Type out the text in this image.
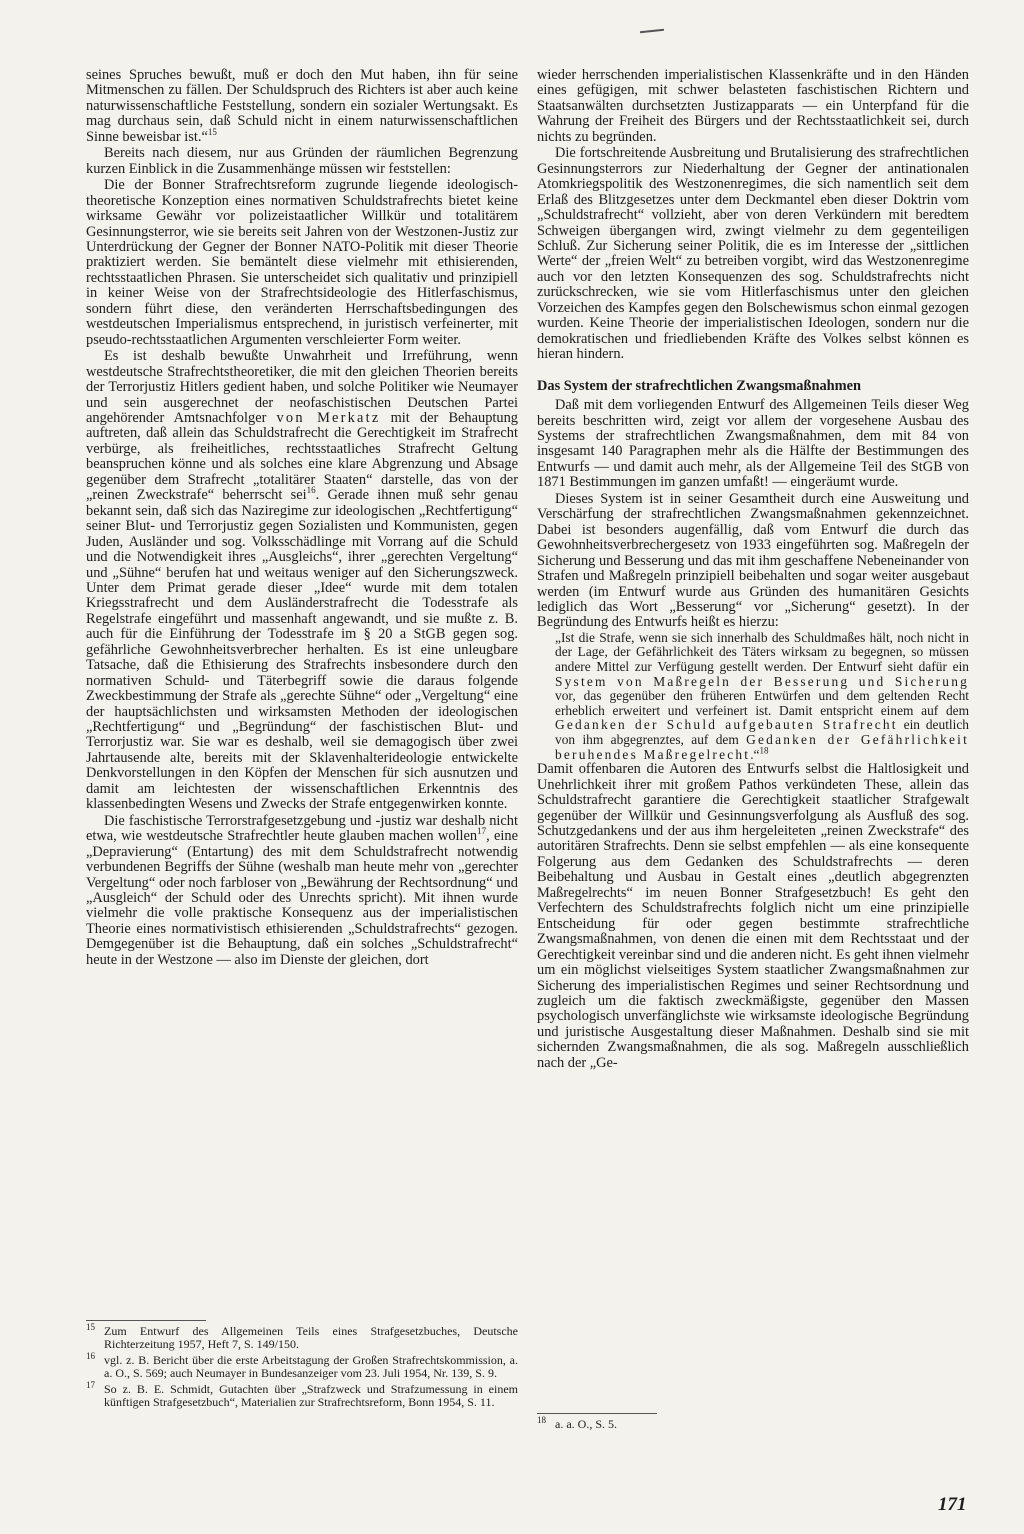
seines Spruches bewußt, muß er doch den Mut haben, ihn für seine Mitmenschen zu fällen. Der Schuldspruch des Richters ist aber auch keine naturwissenschaftliche Feststellung, sondern ein sozialer Wertungsakt. Es mag durchaus sein, daß Schuld nicht in einem naturwissenschaftlichen Sinne beweisbar ist.“$^{15}$

Bereits nach diesem, nur aus Gründen der räumlichen Begrenzung kurzen Einblick in die Zusammenhänge müssen wir feststellen:

Die der Bonner Strafrechtsreform zugrunde liegende ideologisch-theoretische Konzeption eines normativen Schuldstrafrechts bietet keine wirksame Gewähr vor polizeistaatlicher Willkür und totalitärem Gesinnungsterror, wie sie bereits seit Jahren von der Westzonen-Justiz zur Unterdrückung der Gegner der Bonner NATO-Politik mit dieser Theorie praktiziert werden. Sie bemäntelt diese vielmehr mit ethisierenden, rechtsstaatlichen Phrasen. Sie unterscheidet sich qualitativ und prinzipiell in keiner Weise von der Strafrechtsideologie des Hitlerfaschismus, sondern führt diese, den veränderten Herrschaftsbedingungen des westdeutschen Imperialismus entsprechend, in juristisch verfeinerter, mit pseudo-rechtsstaatlichen Argumenten verschleierter Form weiter.

Es ist deshalb bewußte Unwahrheit und Irreführung, wenn westdeutsche Strafrechtstheoretiker, die mit den gleichen Theorien bereits der Terrorjustiz Hitlers gedient haben, und solche Politiker wie Neumayer und sein ausgerechnet der neofaschistischen Deutschen Partei angehörender Amtsnachfolger von Merkatz mit der Behauptung auftreten, daß allein das Schuldstrafrecht die Gerechtigkeit im Strafrecht verbürge, als freiheitliches, rechtsstaatliches Strafrecht Geltung beanspruchen könne und als solches eine klare Abgrenzung und Absage gegenüber dem Strafrecht „totalitärer Staaten“ darstelle, das von der „reinen Zweckstrafe“ beherrscht sei$^{16}$. Gerade ihnen muß sehr genau bekannt sein, daß sich das Naziregime zur ideologischen „Rechtfertigung“ seiner Blut- und Terrorjustiz gegen Sozialisten und Kommunisten, gegen Juden, Ausländer und sog. Volksschädlinge mit Vorrang auf die Schuld und die Notwendigkeit ihres „Ausgleichs“, ihrer „gerechten Vergeltung“ und „Sühne“ berufen hat und weitaus weniger auf den Sicherungszweck. Unter dem Primat gerade dieser „Idee“ wurde mit dem totalen Kriegsstrafrecht und dem Ausländerstrafrecht die Todesstrafe als Regelstrafe eingeführt und massenhaft angewandt, und sie mußte z. B. auch für die Einführung der Todesstrafe im § 20 a StGB gegen sog. gefährliche Gewohnheitsverbrecher herhalten. Es ist eine unleugbare Tatsache, daß die Ethisierung des Strafrechts insbesondere durch den normativen Schuld- und Täterbegriff sowie die daraus folgende Zweckbestimmung der Strafe als „gerechte Sühne“ oder „Vergeltung“ eine der hauptsächlichsten und wirksamsten Methoden der ideologischen „Rechtfertigung“ und „Begründung“ der faschistischen Blut- und Terrorjustiz war. Sie war es deshalb, weil sie demagogisch über zwei Jahrtausende alte, bereits mit der Sklavenhalterideologie entwickelte Denkvorstellungen in den Köpfen der Menschen für sich ausnutzen und damit am leichtesten der wissenschaftlichen Erkenntnis des klassenbedingten Wesens und Zwecks der Strafe entgegenwirken konnte.

Die faschistische Terrorstrafgesetzgebung und -justiz war deshalb nicht etwa, wie westdeutsche Strafrechtler heute glauben machen wollen$^{17}$, eine „Depravierung“ (Entartung) des mit dem Schuldstrafrecht notwendig verbundenen Begriffs der Sühne (weshalb man heute mehr von „gerechter Vergeltung“ oder noch farbloser von „Bewährung der Rechtsordnung“ und „Ausgleich“ der Schuld oder des Unrechts spricht). Mit ihnen wurde vielmehr die volle praktische Konsequenz aus der imperialistischen Theorie eines normativistisch ethisierenden „Schuldstrafrechts“ gezogen. Demgegenüber ist die Behauptung, daß ein solches „Schuldstrafrecht“ heute in der Westzone — also im Dienste der gleichen, dort

15 Zum Entwurf des Allgemeinen Teils eines Strafgesetzbuches, Deutsche Richterzeitung 1957, Heft 7, S. 149/150.

16 vgl. z. B. Bericht über die erste Arbeitstagung der Großen Strafrechtskommission, a. a. O., S. 569; auch Neumayer in Bundesanzeiger vom 23. Juli 1954, Nr. 139, S. 9.

17 So z. B. E. Schmidt, Gutachten über „Strafzweck und Strafzumessung in einem künftigen Strafgesetzbuch“, Materialien zur Strafrechtsreform, Bonn 1954, S. 11.

wieder herrschenden imperialistischen Klassenkräfte und in den Händen eines gefügigen, mit schwer belasteten faschistischen Richtern und Staatsanwälten durchsetzten Justizapparats — ein Unterpfand für die Wahrung der Freiheit des Bürgers und der Rechtsstaatlichkeit sei, durch nichts zu begründen.

Die fortschreitende Ausbreitung und Brutalisierung des strafrechtlichen Gesinnungsterrors zur Niederhaltung der Gegner der antinationalen Atomkriegspolitik des Westzonenregimes, die sich namentlich seit dem Erlaß des Blitzgesetzes unter dem Deckmantel eben dieser Doktrin vom „Schuldstrafrecht“ vollzieht, aber von deren Verkündern mit beredtem Schweigen übergangen wird, zwingt vielmehr zu dem gegenteiligen Schluß. Zur Sicherung seiner Politik, die es im Interesse der „sittlichen Werte“ der „freien Welt“ zu betreiben vorgibt, wird das Westzonenregime auch vor den letzten Konsequenzen des sog. Schuldstrafrechts nicht zurückschrecken, wie sie vom Hitlerfaschismus unter den gleichen Vorzeichen des Kampfes gegen den Bolschewismus schon einmal gezogen wurden. Keine Theorie der imperialistischen Ideologen, sondern nur die demokratischen und friedliebenden Kräfte des Volkes selbst können es hieran hindern.

Das System der strafrechtlichen Zwangsmaßnahmen

Daß mit dem vorliegenden Entwurf des Allgemeinen Teils dieser Weg bereits beschritten wird, zeigt vor allem der vorgesehene Ausbau des Systems der strafrechtlichen Zwangsmaßnahmen, dem mit 84 von insgesamt 140 Paragraphen mehr als die Hälfte der Bestimmungen des Entwurfs — und damit auch mehr, als der Allgemeine Teil des StGB von 1871 Bestimmungen im ganzen umfaßt! — eingeräumt wurde.

Dieses System ist in seiner Gesamtheit durch eine Ausweitung und Verschärfung der strafrechtlichen Zwangsmaßnahmen gekennzeichnet. Dabei ist besonders augenfällig, daß vom Entwurf die durch das Gewohnheitsverbrechergesetz von 1933 eingeführten sog. Maßregeln der Sicherung und Besserung und das mit ihm geschaffene Nebeneinander von Strafen und Maßregeln prinzipiell beibehalten und sogar weiter ausgebaut werden (im Entwurf wurde aus Gründen des humanitären Gesichts lediglich das Wort „Besserung“ vor „Sicherung“ gesetzt). In der Begründung des Entwurfs heißt es hierzu:

„Ist die Strafe, wenn sie sich innerhalb des Schuldmaßes hält, noch nicht in der Lage, der Gefährlichkeit des Täters wirksam zu begegnen, so müssen andere Mittel zur Verfügung gestellt werden. Der Entwurf sieht dafür ein System von Maßregeln der Besserung und Sicherung vor, das gegenüber den früheren Entwürfen und dem geltenden Recht erheblich erweitert und verfeinert ist. Damit entspricht einem auf dem Gedanken der Schuld aufgebauten Strafrecht ein deutlich von ihm abgegrenztes, auf dem Gedanken der Gefährlichkeit beruhendes Maßregelrecht.“$^{18}$

Damit offenbaren die Autoren des Entwurfs selbst die Haltlosigkeit und Unehrlichkeit ihrer mit großem Pathos verkündeten These, allein das Schuldstrafrecht garantiere die Gerechtigkeit staatlicher Strafgewalt gegenüber der Willkür und Gesinnungsverfolgung als Ausfluß des sog. Schutzgedankens und der aus ihm hergeleiteten „reinen Zweckstrafe“ des autoritären Strafrechts. Denn sie selbst empfehlen — als eine konsequente Folgerung aus dem Gedanken des Schuldstrafrechts — deren Beibehaltung und Ausbau in Gestalt eines „deutlich abgegrenzten Maßregelrechts“ im neuen Bonner Strafgesetzbuch! Es geht den Verfechtern des Schuldstrafrechts folglich nicht um eine prinzipielle Entscheidung für oder gegen bestimmte strafrechtliche Zwangsmaßnahmen, von denen die einen mit dem Rechtsstaat und der Gerechtigkeit vereinbar sind und die anderen nicht. Es geht ihnen vielmehr um ein möglichst vielseitiges System staatlicher Zwangsmaßnahmen zur Sicherung des imperialistischen Regimes und seiner Rechtsordnung und zugleich um die faktisch zweckmäßigste, gegenüber den Massen psychologisch unverfänglichste wie wirksamste ideologische Begründung und juristische Ausgestaltung dieser Maßnahmen. Deshalb sind sie mit sichernden Zwangsmaßnahmen, die als sog. Maßregeln ausschließlich nach der „Ge-

18 a. a. O., S. 5.

171
